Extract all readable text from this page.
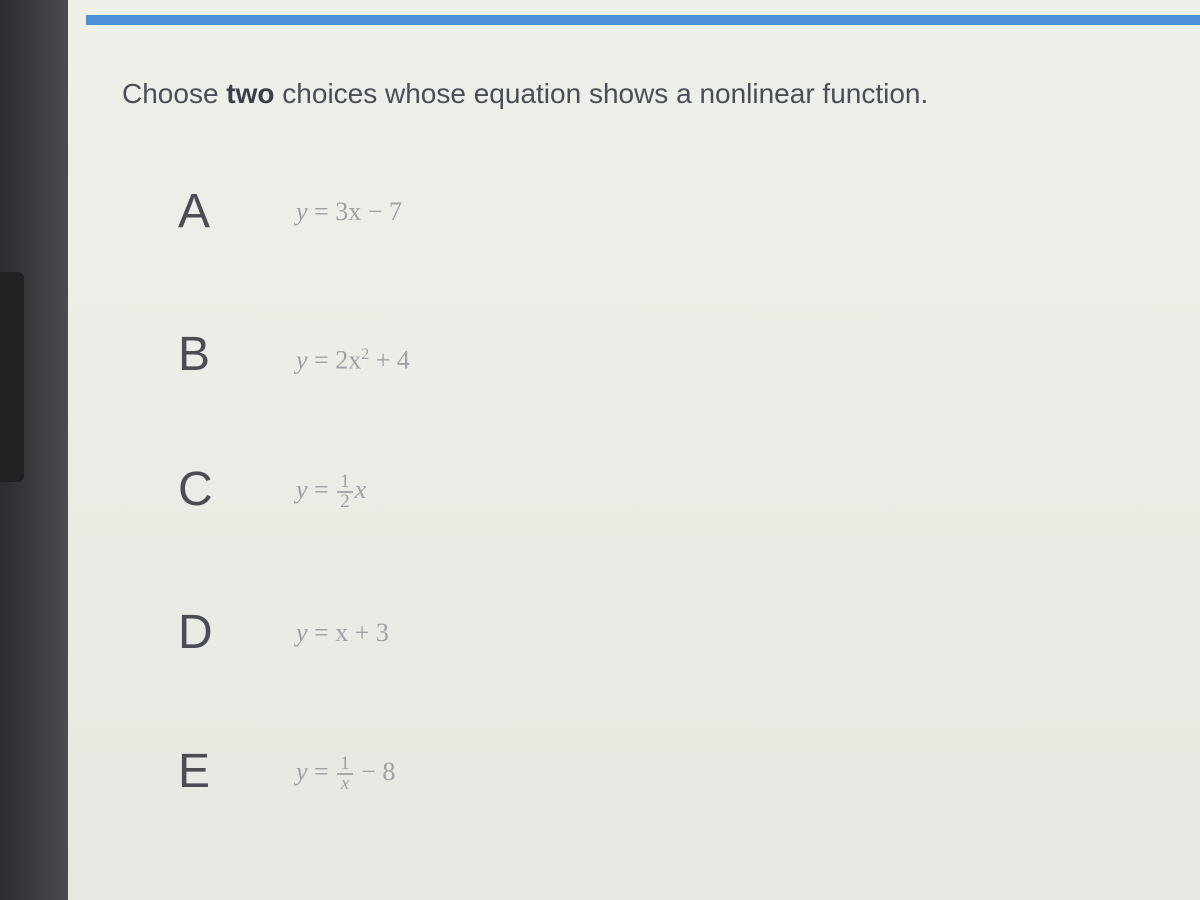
Choose two choices whose equation shows a nonlinear function.
A	y = 3x − 7
B	$y = 2x^2 + 4$
C	$y = \frac{1}{2}$ x
D	y = x + 3
E	$y = \frac{1}{x} - 8$
